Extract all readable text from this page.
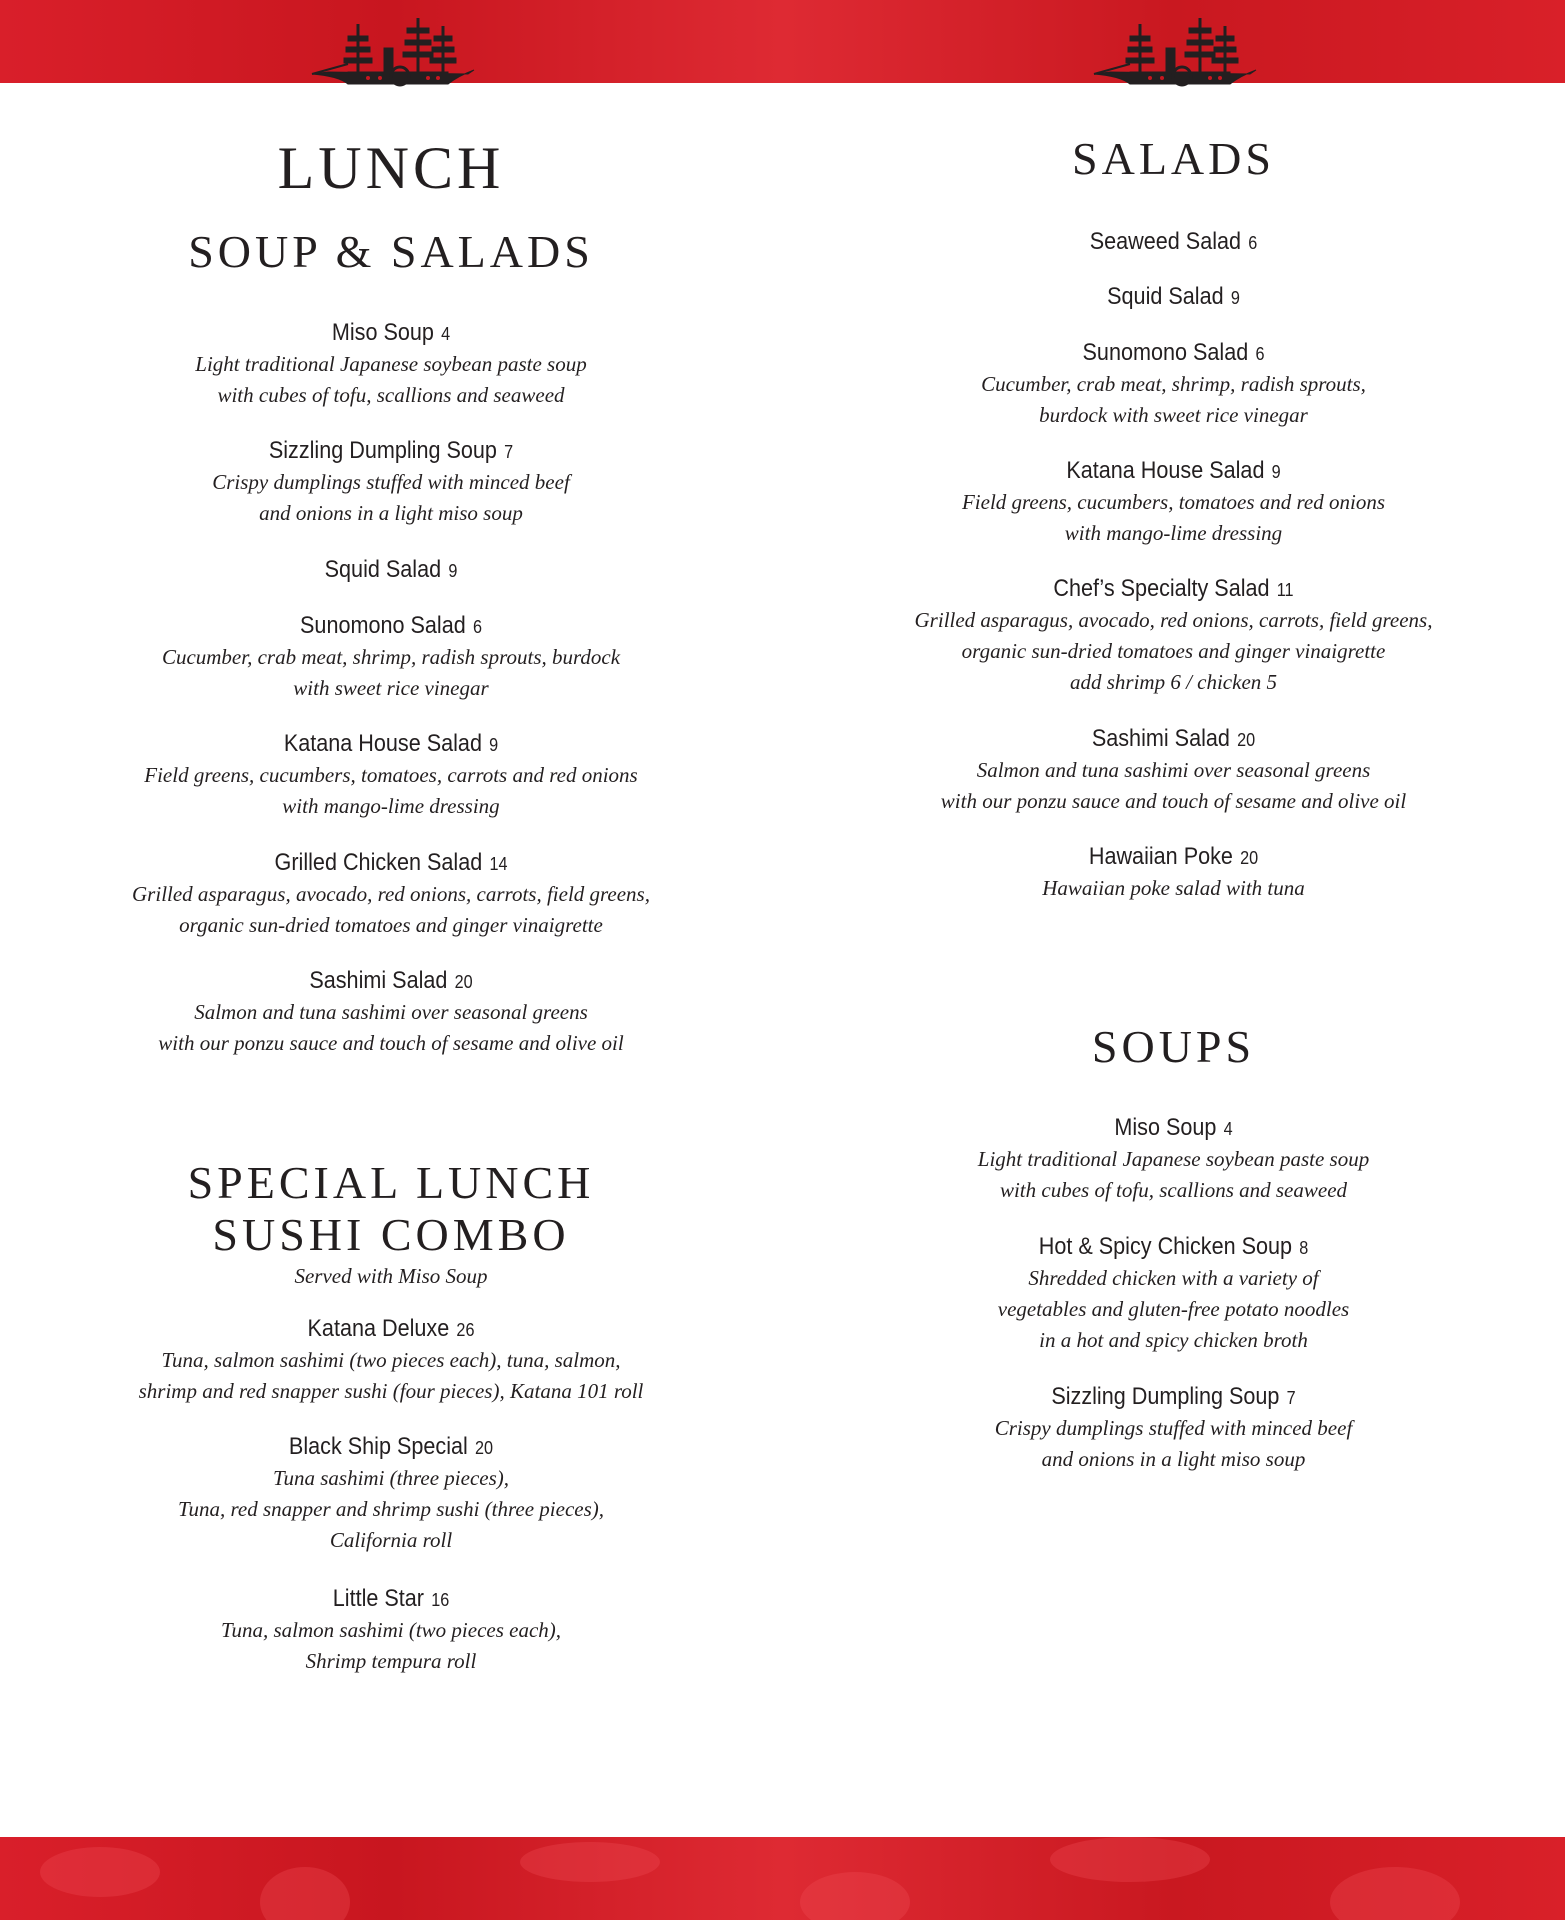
LUNCH
SOUP & SALADS
Miso Soup 4
Light traditional Japanese soybean paste soup
with cubes of tofu, scallions and seaweed
Sizzling Dumpling Soup 7
Crispy dumplings stuffed with minced beef
and onions in a light miso soup
Squid Salad 9
Sunomono Salad 6
Cucumber, crab meat, shrimp, radish sprouts, burdock
with sweet rice vinegar
Katana House Salad 9
Field greens, cucumbers, tomatoes, carrots and red onions
with mango-lime dressing
Grilled Chicken Salad 14
Grilled asparagus, avocado, red onions, carrots, field greens,
organic sun-dried tomatoes and ginger vinaigrette
Sashimi Salad 20
Salmon and tuna sashimi over seasonal greens
with our ponzu sauce and touch of sesame and olive oil
SPECIAL LUNCH
SUSHI COMBO
Served with Miso Soup
Katana Deluxe 26
Tuna, salmon sashimi (two pieces each), tuna, salmon,
shrimp and red snapper sushi (four pieces), Katana 101 roll
Black Ship Special 20
Tuna sashimi (three pieces),
Tuna, red snapper and shrimp sushi (three pieces),
California roll
Little Star 16
Tuna, salmon sashimi (two pieces each),
Shrimp tempura roll
SALADS
Seaweed Salad 6
Squid Salad 9
Sunomono Salad 6
Cucumber, crab meat, shrimp, radish sprouts,
burdock with sweet rice vinegar
Katana House Salad 9
Field greens, cucumbers, tomatoes and red onions
with mango-lime dressing
Chef’s Specialty Salad 11
Grilled asparagus, avocado, red onions, carrots, field greens,
organic sun-dried tomatoes and ginger vinaigrette
add shrimp 6 / chicken 5
Sashimi Salad 20
Salmon and tuna sashimi over seasonal greens
with our ponzu sauce and touch of sesame and olive oil
Hawaiian Poke 20
Hawaiian poke salad with tuna
SOUPS
Miso Soup 4
Light traditional Japanese soybean paste soup
with cubes of tofu, scallions and seaweed
Hot & Spicy Chicken Soup 8
Shredded chicken with a variety of
vegetables and gluten-free potato noodles
in a hot and spicy chicken broth
Sizzling Dumpling Soup 7
Crispy dumplings stuffed with minced beef
and onions in a light miso soup
